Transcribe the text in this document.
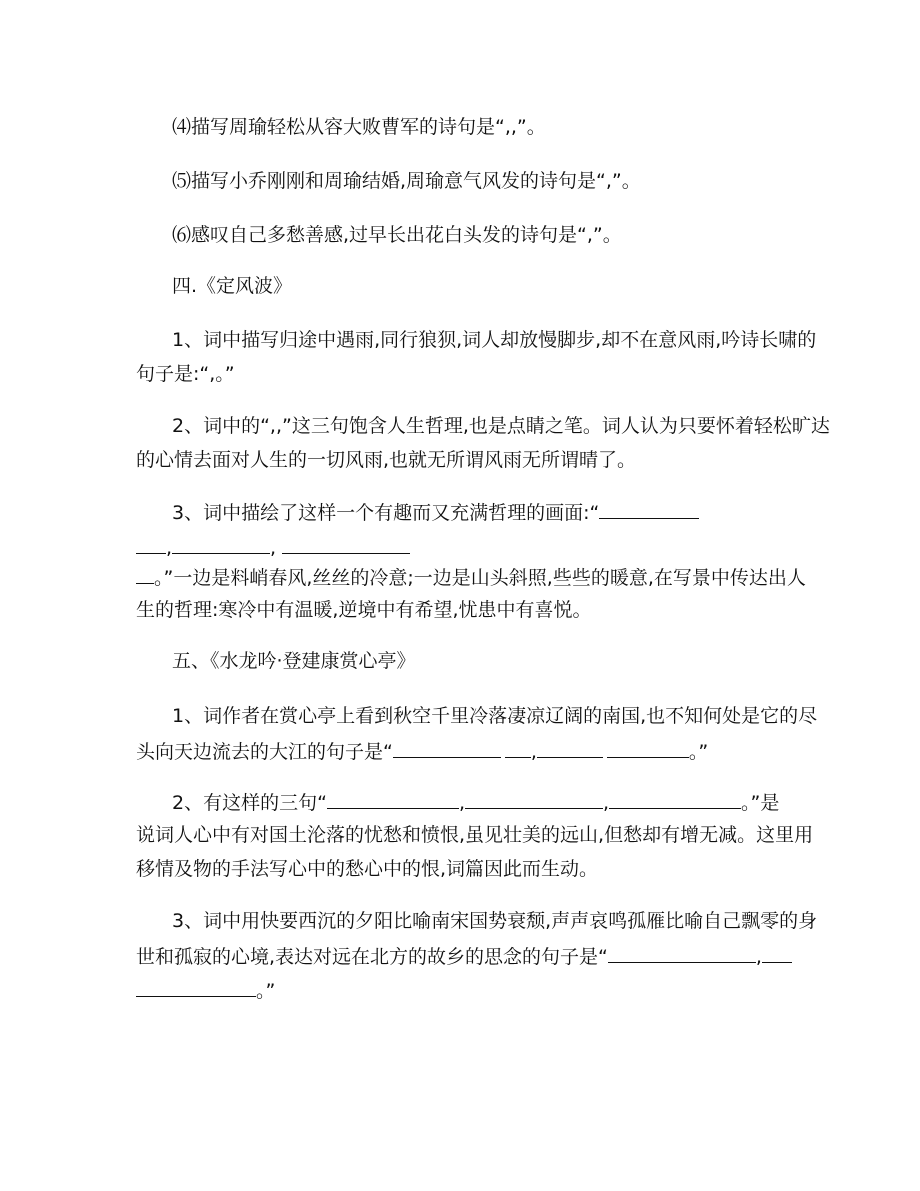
⑷描写周瑜轻松从容大败曹军的诗句是“,,”。
⑸描写小乔刚刚和周瑜结婚,周瑜意气风发的诗句是“,”。
⑹感叹自己多愁善感,过早长出花白头发的诗句是“,”。
四.《定风波》
1、词中描写归途中遇雨,同行狼狈,词人却放慢脚步,却不在意风雨,吟诗长啸的
句子是:“,。”
2、词中的“,,”这三句饱含人生哲理,也是点睛之笔。词人认为只要怀着轻松旷达
的心情去面对人生的一切风雨,也就无所谓风雨无所谓晴了。
3、词中描绘了这样一个有趣而又充满哲理的画面:“
,	,
。”一边是料峭春风,丝丝的冷意;一边是山头斜照,些些的暖意,在写景中传达出人
生的哲理:寒冷中有温暖,逆境中有希望,忧患中有喜悦。
五、《水龙吟·登建康赏心亭》
1、词作者在赏心亭上看到秋空千里冷落凄凉辽阔的南国,也不知何处是它的尽
头向天边流去的大江的句子是“	,	。”
2、有这样的三句“	,	,	。”是
说词人心中有对国土沦落的忧愁和愤恨,虽见壮美的远山,但愁却有增无减。这里用
移情及物的手法写心中的愁心中的恨,词篇因此而生动。
3、词中用快要西沉的夕阳比喻南宋国势衰颓,声声哀鸣孤雁比喻自己飘零的身
世和孤寂的心境,表达对远在北方的故乡的思念的句子是“	,
。”
